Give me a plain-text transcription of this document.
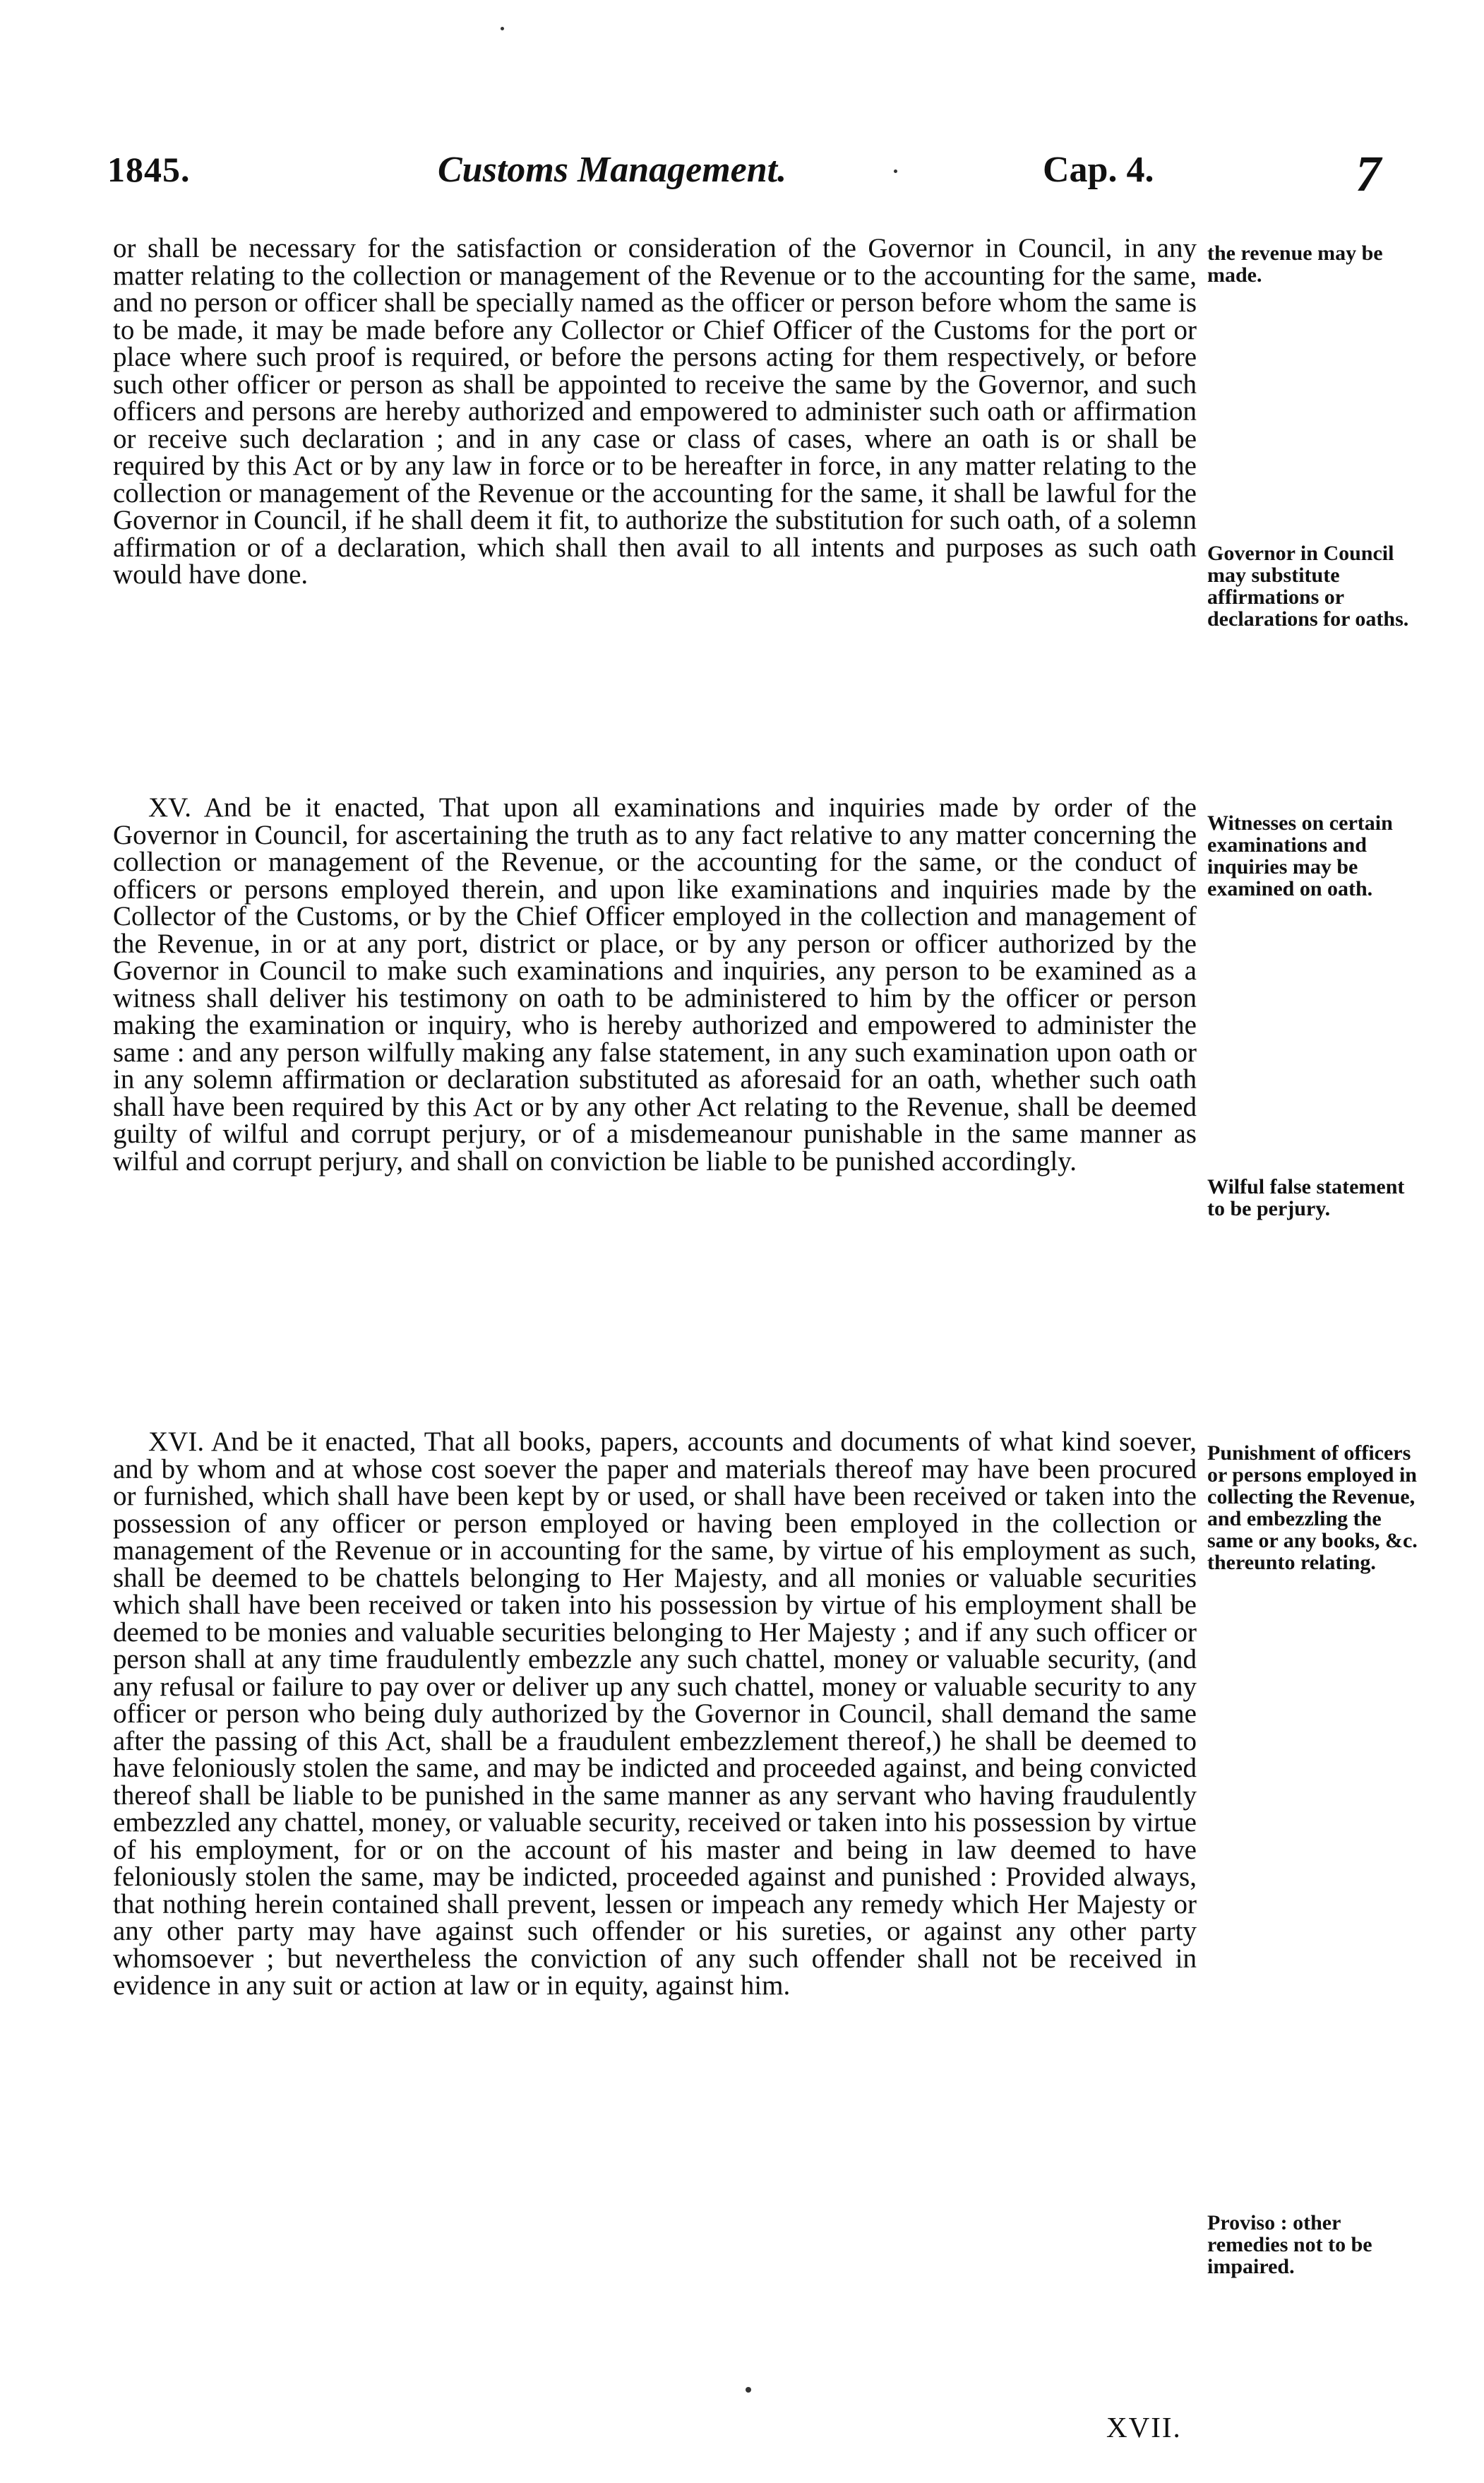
1845.	Customs Management.	Cap. 4.	7

or shall be necessary for the satisfaction or consideration of the Governor in Council, in any matter relating to the collection or management of the Revenue or to the accounting for the same, and no person or officer shall be specially named as the officer or person before whom the same is to be made, it may be made before any Collector or Chief Officer of the Customs for the port or place where such proof is required, or before the persons acting for them respectively, or before such other officer or person as shall be appointed to receive the same by the Governor, and such officers and persons are hereby authorized and empowered to administer such oath or affirmation or receive such declaration ; and in any case or class of cases, where an oath is or shall be required by this Act or by any law in force or to be hereafter in force, in any matter relating to the collection or management of the Revenue or the accounting for the same, it shall be lawful for the Governor in Council, if he shall deem it fit, to authorize the substitution for such oath, of a solemn affirmation or of a declaration, which shall then avail to all intents and purposes as such oath would have done.

XV. And be it enacted, That upon all examinations and inquiries made by order of the Governor in Council, for ascertaining the truth as to any fact relative to any matter concerning the collection or management of the Revenue, or the accounting for the same, or the conduct of officers or persons employed therein, and upon like examinations and inquiries made by the Collector of the Customs, or by the Chief Officer employed in the collection and management of the Revenue, in or at any port, district or place, or by any person or officer authorized by the Governor in Council to make such examinations and inquiries, any person to be examined as a witness shall deliver his testimony on oath to be administered to him by the officer or person making the examination or inquiry, who is hereby authorized and empowered to administer the same : and any person wilfully making any false statement, in any such examination upon oath or in any solemn affirmation or declaration substituted as aforesaid for an oath, whether such oath shall have been required by this Act or by any other Act relating to the Revenue, shall be deemed guilty of wilful and corrupt perjury, or of a misdemeanour punishable in the same manner as wilful and corrupt perjury, and shall on conviction be liable to be punished accordingly.

XVI. And be it enacted, That all books, papers, accounts and documents of what kind soever, and by whom and at whose cost soever the paper and materials thereof may have been procured or furnished, which shall have been kept by or used, or shall have been received or taken into the possession of any officer or person employed or having been employed in the collection or management of the Revenue or in accounting for the same, by virtue of his employment as such, shall be deemed to be chattels belonging to Her Majesty, and all monies or valuable securities which shall have been received or taken into his possession by virtue of his employment shall be deemed to be monies and valuable securities belonging to Her Majesty ; and if any such officer or person shall at any time fraudulently embezzle any such chattel, money or valuable security, (and any refusal or failure to pay over or deliver up any such chattel, money or valuable security to any officer or person who being duly authorized by the Governor in Council, shall demand the same after the passing of this Act, shall be a fraudulent embezzlement thereof,) he shall be deemed to have feloniously stolen the same, and may be indicted and proceeded against, and being convicted thereof shall be liable to be punished in the same manner as any servant who having fraudulently embezzled any chattel, money, or valuable security, received or taken into his possession by virtue of his employment, for or on the account of his master and being in law deemed to have feloniously stolen the same, may be indicted, proceeded against and punished : Provided always, that nothing herein contained shall prevent, lessen or impeach any remedy which Her Majesty or any other party may have against such offender or his sureties, or against any other party whomsoever ; but nevertheless the conviction of any such offender shall not be received in evidence in any suit or action at law or in equity, against him.

the revenue may be made.
Governor in Council may substitute affirmations or declarations for oaths.
Witnesses on certain examinations and inquiries may be examined on oath.
Wilful false statement to be perjury.
Punishment of officers or persons employed in collecting the Revenue, and embezzling the same or any books, &c. thereunto relating.
Proviso : other remedies not to be impaired.
XVII.
